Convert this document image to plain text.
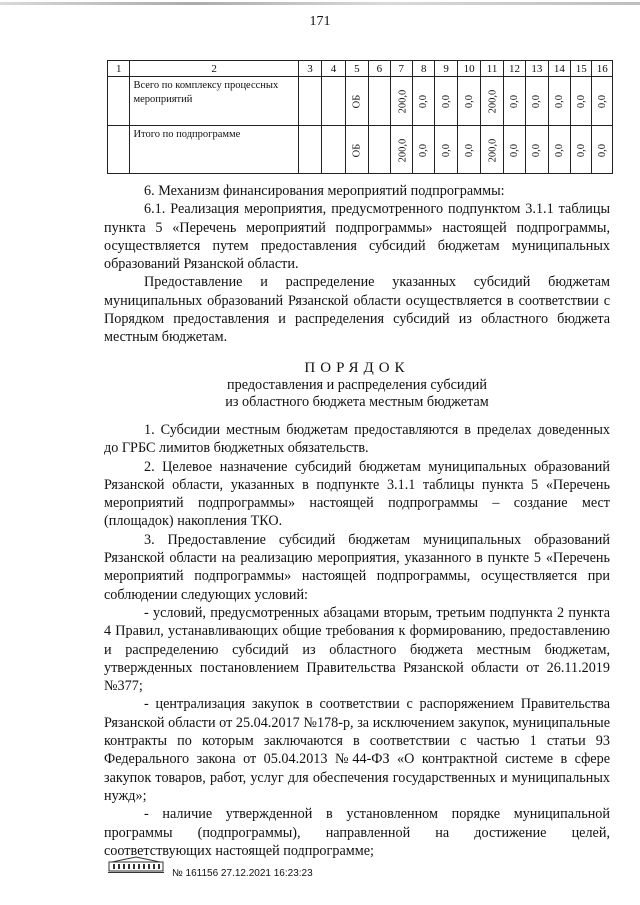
171
1	2	3	4	5	6	7	8	9	10	11	12	13	14	15	16
	Всего по комплексу процессных мероприятий			ОБ		200,0	0,0	0,0	0,0	200,0	0,0	0,0	0,0	0,0	0,0
	Итого по подпрограмме			ОБ		200,0	0,0	0,0	0,0	200,0	0,0	0,0	0,0	0,0	0,0

6. Механизм финансирования мероприятий подпрограммы:

6.1. Реализация мероприятия, предусмотренного подпунктом 3.1.1 таблицы пункта 5 «Перечень мероприятий подпрограммы» настоящей подпрограммы, осуществляется путем предоставления субсидий бюджетам муниципальных образований Рязанской области.

Предоставление и распределение указанных субсидий бюджетам муниципальных образований Рязанской области осуществляется в соответствии с Порядком предоставления и распределения субсидий из областного бюджета местным бюджетам.

ПОРЯДОК

предоставления и распределения субсидий

из областного бюджета местным бюджетам

1. Субсидии местным бюджетам предоставляются в пределах доведенных до ГРБС лимитов бюджетных обязательств.

2. Целевое назначение субсидий бюджетам муниципальных образований Рязанской области, указанных в подпункте 3.1.1 таблицы пункта 5 «Перечень мероприятий подпрограммы» настоящей подпрограммы – создание мест (площадок) накопления ТКО.

3. Предоставление субсидий бюджетам муниципальных образований Рязанской области на реализацию мероприятия, указанного в пункте 5 «Перечень мероприятий подпрограммы» настоящей подпрограммы, осуществляется при соблюдении следующих условий:

- условий, предусмотренных абзацами вторым, третьим подпункта 2 пункта 4 Правил, устанавливающих общие требования к формированию, предоставлению и распределению субсидий из областного бюджета местным бюджетам, утвержденных постановлением Правительства Рязанской области от 26.11.2019 №377;

- централизация закупок в соответствии с распоряжением Правительства Рязанской области от 25.04.2017 №178-р, за исключением закупок, муниципальные контракты по которым заключаются в соответствии с частью 1 статьи 93 Федерального закона от 05.04.2013 №44-ФЗ «О контрактной системе в сфере закупок товаров, работ, услуг для обеспечения государственных и муниципальных нужд»;

- наличие утвержденной в установленном порядке муниципальной программы (подпрограммы), направленной на достижение целей, соответствующих настоящей подпрограмме;

№ 161156 27.12.2021 16:23:23
